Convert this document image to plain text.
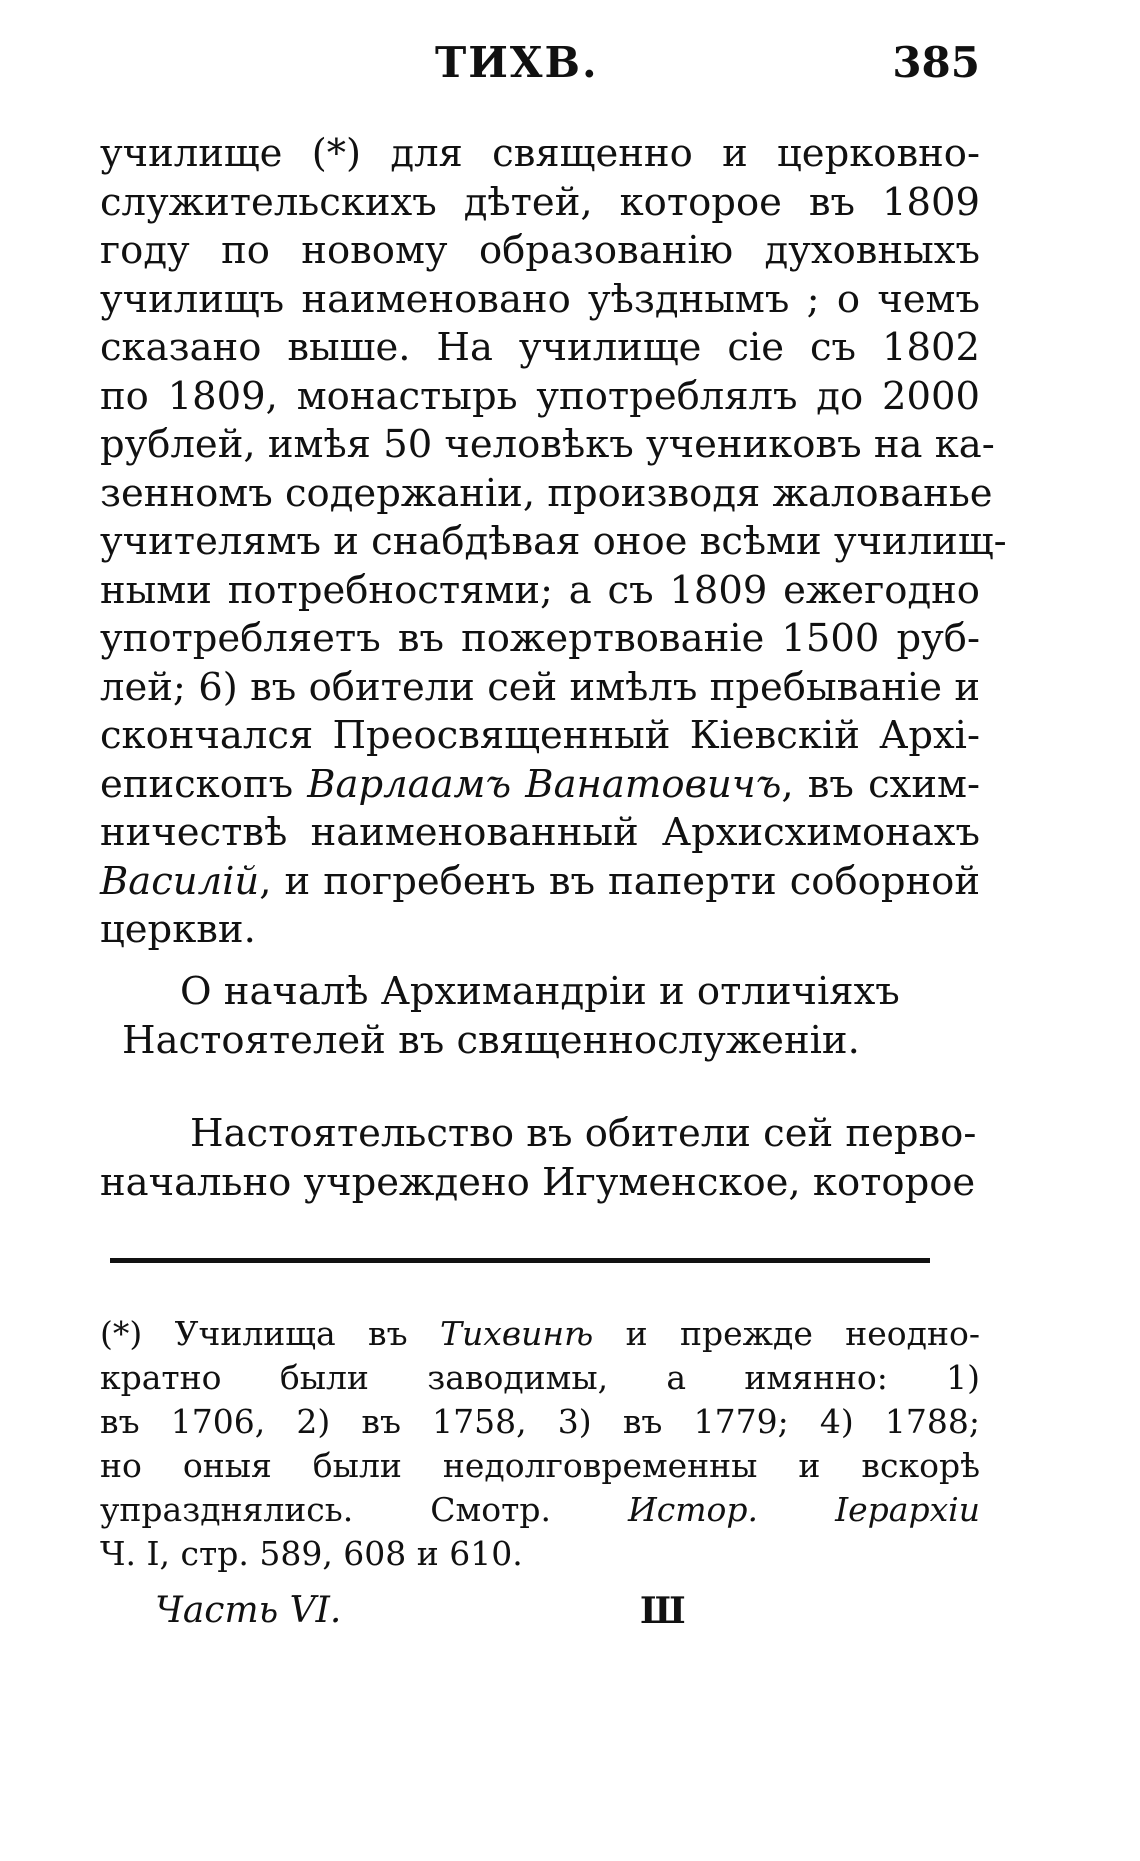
ТИХВ.	385
училище (*) для священно и церковно-
служительскихъ дѣтей, которое въ 1809
году по новому образованію духовныхъ
училищъ наименовано уѣзднымъ ; о чемъ
сказано выше. На училище сіе съ 1802
по 1809, монастырь употреблялъ до 2000
рублей, имѣя 50 человѣкъ учениковъ на ка-
зенномъ содержаніи, производя жалованье
учителямъ и снабдѣвая оное всѣми училищ-
ными потребностями; а съ 1809 ежегодно
употребляетъ въ пожертвованіе 1500 руб-
лей; 6) въ обители сей имѣлъ пребываніе и
скончался Преосвященный Кіевскій Архі-
епископъ Варлаамъ Ванатовичъ, въ схим-
ничествѣ наименованный Архисхимонахъ
Василій, и погребенъ въ паперти соборной
церкви.
О началѣ Архимандріи и отличіяхъ
Настоятелей въ священнослуженіи.
Настоятельство въ обители сей перво-
начально учреждено Игуменское, которое
(*) Училища въ Тихвинѣ и прежде неодно-
кратно были заводимы, а имянно: 1)
въ 1706, 2) въ 1758, 3) въ 1779; 4) 1788;
но оныя были недолговременны и вскорѣ
упразднялись. Смотр. Истор. Іерархіи
Ч. I, стр. 589, 608 и 610.
Часть VI.	Ш
